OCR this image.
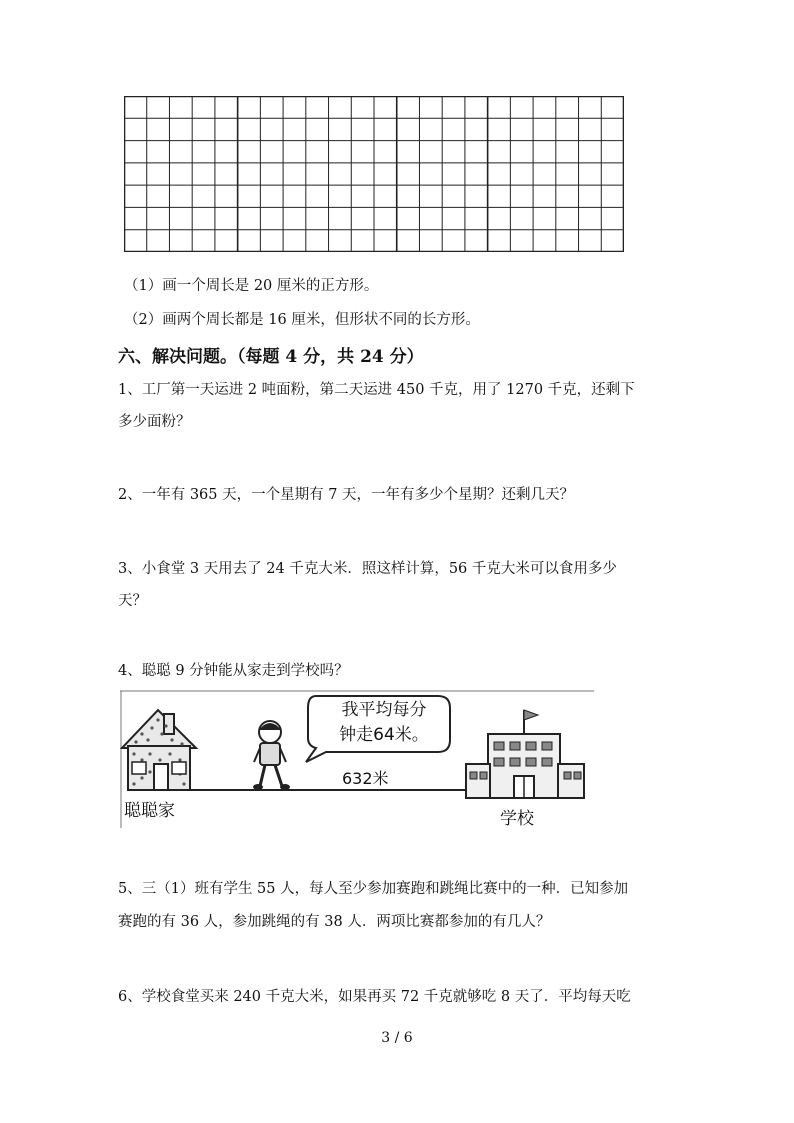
（1）画一个周长是 20 厘米的正方形。
（2）画两个周长都是 16 厘米，但形状不同的长方形。
六、解决问题。（每题 4 分，共 24 分）
1、工厂第一天运进 2 吨面粉，第二天运进 450 千克，用了 1270 千克，还剩下
多少面粉？
2、一年有 365 天，一个星期有 7 天，一年有多少个星期？还剩几天？
3、小食堂 3 天用去了 24 千克大米．照这样计算，56 千克大米可以食用多少
天？
4、聪聪 9 分钟能从家走到学校吗？
我平均每分
钟走64米。
632米
聪聪家	学校
5、三（1）班有学生 55 人，每人至少参加赛跑和跳绳比赛中的一种．已知参加
赛跑的有 36 人，参加跳绳的有 38 人．两项比赛都参加的有几人？
6、学校食堂买来 240 千克大米，如果再买 72 千克就够吃 8 天了．平均每天吃
3 / 6
